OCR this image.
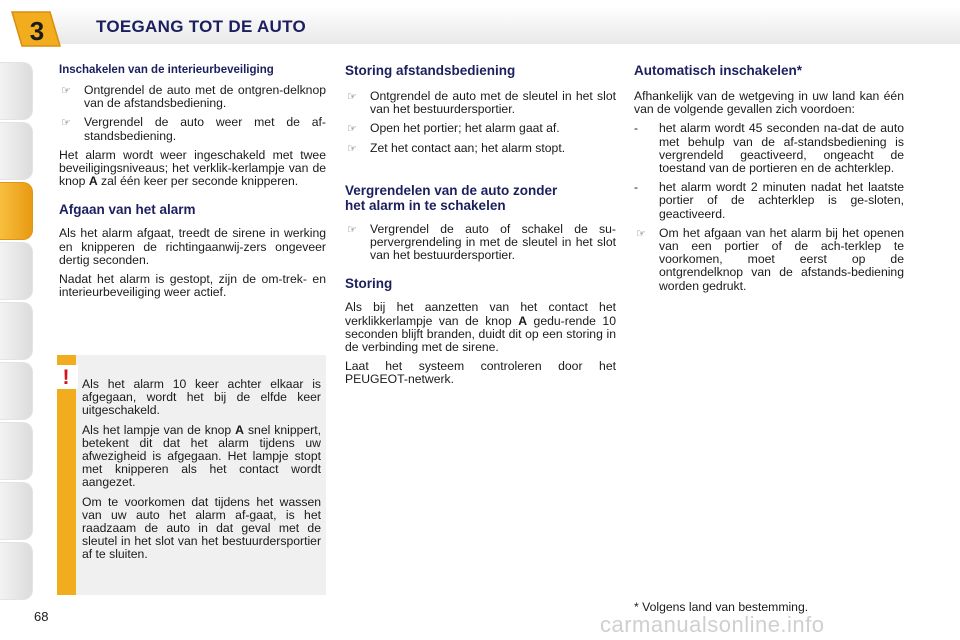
3	TOEGANG TOT DE AUTO
Inschakelen van de interieurbeveiliging
☞ Ontgrendel de auto met de ontgren-delknop van de afstandsbediening.
☞ Vergrendel de auto weer met de af-standsbediening.

Het alarm wordt weer ingeschakeld met twee beveiligingsniveaus; het verklik-kerlampje van de knop A zal één keer per seconde knipperen.

Afgaan van het alarm

Als het alarm afgaat, treedt de sirene in werking en knipperen de richtingaanwij-zers ongeveer dertig seconden.

Nadat het alarm is gestopt, zijn de om-trek- en interieurbeveiliging weer actief.

!	Als het alarm 10 keer achter elkaar is afgegaan, wordt het bij de elfde keer uitgeschakeld.

Als het lampje van de knop A snel knippert, betekent dit dat het alarm tijdens uw afwezigheid is afgegaan. Het lampje stopt met knipperen als het contact wordt aangezet.

Om te voorkomen dat tijdens het wassen van uw auto het alarm af-gaat, is het raadzaam de auto in dat geval met de sleutel in het slot van het bestuurdersportier af te sluiten.

Storing afstandsbediening
☞ Ontgrendel de auto met de sleutel in het slot van het bestuurdersportier.
☞ Open het portier; het alarm gaat af.
☞ Zet het contact aan; het alarm stopt.
Vergrendelen van de auto zonder het alarm in te schakelen
☞ Vergrendel de auto of schakel de su-pervergrendeling in met de sleutel in het slot van het bestuurdersportier.
Storing

Als bij het aanzetten van het contact het verklikkerlampje van de knop A gedu-rende 10 seconden blijft branden, duidt dit op een storing in de verbinding met de sirene.

Laat het systeem controleren door het PEUGEOT-netwerk.

Automatisch inschakelen*

Afhankelijk van de wetgeving in uw land kan één van de volgende gevallen zich voordoen:

- het alarm wordt 45 seconden na-dat de auto met behulp van de af-standsbediening is vergrendeld geactiveerd, ongeacht de toestand van de portieren en de achterklep.
- het alarm wordt 2 minuten nadat het laatste portier of de achterklep is ge-sloten, geactiveerd.
☞ Om het afgaan van het alarm bij het openen van een portier of de ach-terklep te voorkomen, moet eerst op de ontgrendelknop van de afstands-bediening worden gedrukt.
carmanualsonline.info
* Volgens land van bestemming.
68
